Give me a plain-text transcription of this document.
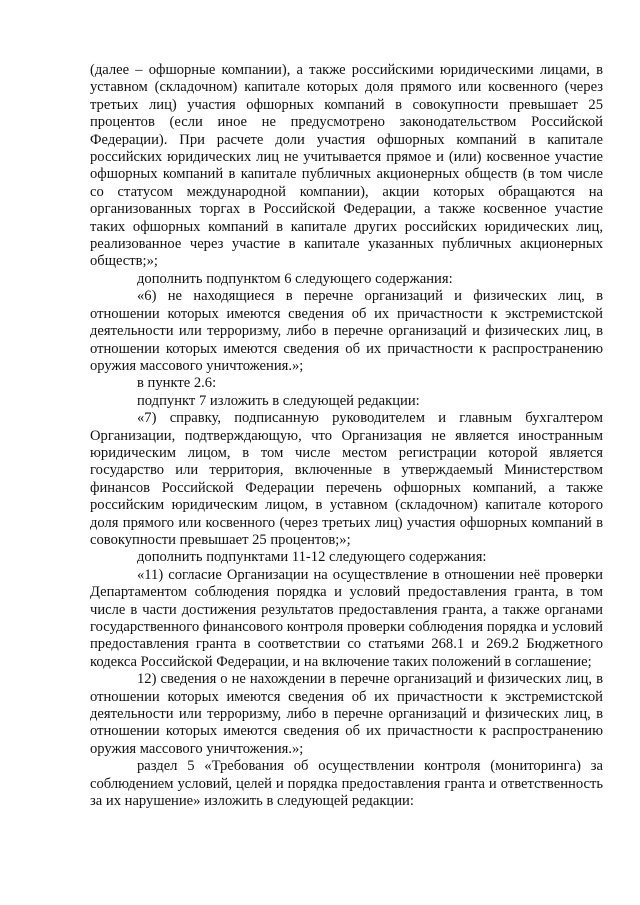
(далее – офшорные компании), а также российскими юридическими лицами, в уставном (складочном) капитале которых доля прямого или косвенного (через третьих лиц) участия офшорных компаний в совокупности превышает 25 процентов (если иное не предусмотрено законодательством Российской Федерации). При расчете доли участия офшорных компаний в капитале российских юридических лиц не учитывается прямое и (или) косвенное участие офшорных компаний в капитале публичных акционерных обществ (в том числе со статусом международной компании), акции которых обращаются на организованных торгах в Российской Федерации, а также косвенное участие таких офшорных компаний в капитале других российских юридических лиц, реализованное через участие в капитале указанных публичных акционерных обществ;»;

дополнить подпунктом 6 следующего содержания:

«6) не находящиеся в перечне организаций и физических лиц, в отношении которых имеются сведения об их причастности к экстремистской деятельности или терроризму, либо в перечне организаций и физических лиц, в отношении которых имеются сведения об их причастности к распространению оружия массового уничтожения.»;

в пункте 2.6:

подпункт 7 изложить в следующей редакции:

«7) справку, подписанную руководителем и главным бухгалтером Организации, подтверждающую, что Организация не является иностранным юридическим лицом, в том числе местом регистрации которой является государство или территория, включенные в утверждаемый Министерством финансов Российской Федерации перечень офшорных компаний, а также российским юридическим лицом, в уставном (складочном) капитале которого доля прямого или косвенного (через третьих лиц) участия офшорных компаний в совокупности превышает 25 процентов;»;

дополнить подпунктами 11-12 следующего содержания:

«11) согласие Организации на осуществление в отношении неё проверки Департаментом соблюдения порядка и условий предоставления гранта, в том числе в части достижения результатов предоставления гранта, а также органами государственного финансового контроля проверки соблюдения порядка и условий предоставления гранта в соответствии со статьями 268.1 и 269.2 Бюджетного кодекса Российской Федерации, и на включение таких положений в соглашение;

12) сведения о не нахождении в перечне организаций и физических лиц, в отношении которых имеются сведения об их причастности к экстремистской деятельности или терроризму, либо в перечне организаций и физических лиц, в отношении которых имеются сведения об их причастности к распространению оружия массового уничтожения.»;

раздел 5 «Требования об осуществлении контроля (мониторинга) за соблюдением условий, целей и порядка предоставления гранта и ответственность за их нарушение» изложить в следующей редакции:
